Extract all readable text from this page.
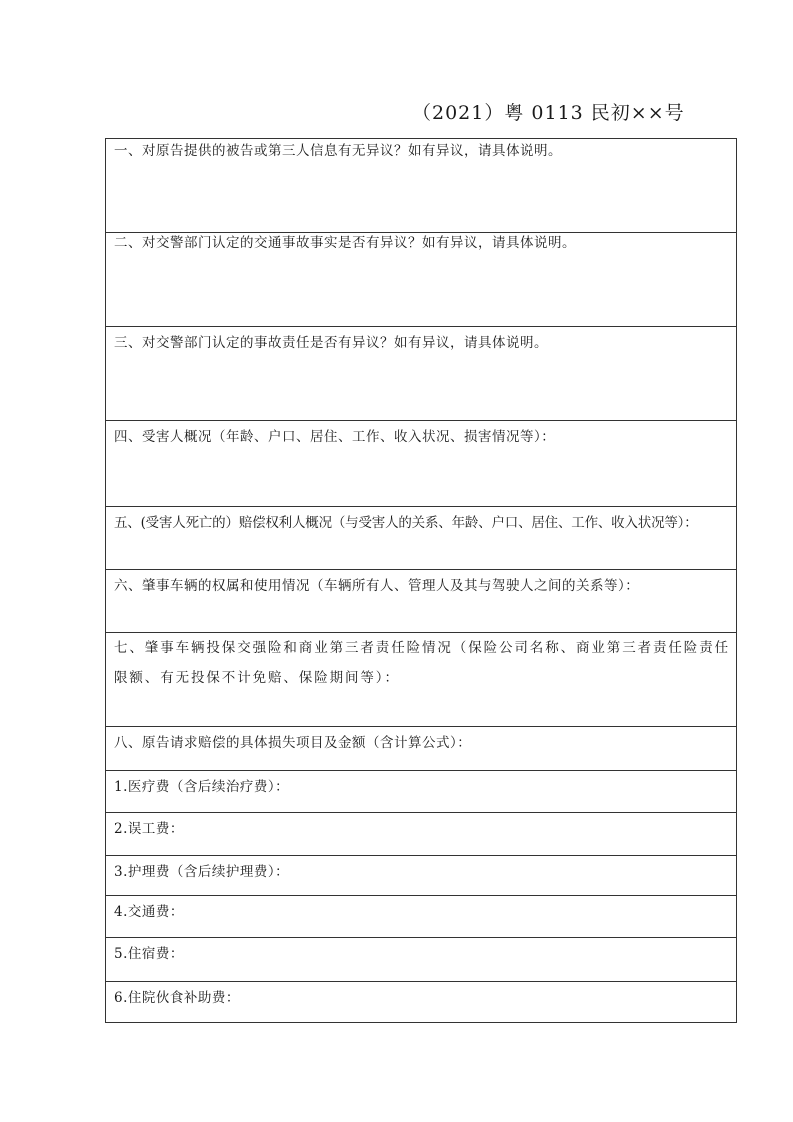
（2021）粤 0113 民初××号
一、对原告提供的被告或第三人信息有无异议？如有异议，请具体说明。
二、对交警部门认定的交通事故事实是否有异议？如有异议，请具体说明。
三、对交警部门认定的事故责任是否有异议？如有异议，请具体说明。
四、受害人概况（年龄、户口、居住、工作、收入状况、损害情况等）：
五、(受害人死亡的）赔偿权利人概况（与受害人的关系、年龄、户口、居住、工作、收入状况等）：
六、肇事车辆的权属和使用情况（车辆所有人、管理人及其与驾驶人之间的关系等）：
七、肇事车辆投保交强险和商业第三者责任险情况（保险公司名称、商业第三者责任险责任限额、有无投保不计免赔、保险期间等）：
八、原告请求赔偿的具体损失项目及金额（含计算公式）：
1.医疗费（含后续治疗费）：
2.误工费：
3.护理费（含后续护理费）：
4.交通费：
5.住宿费：
6.住院伙食补助费：
